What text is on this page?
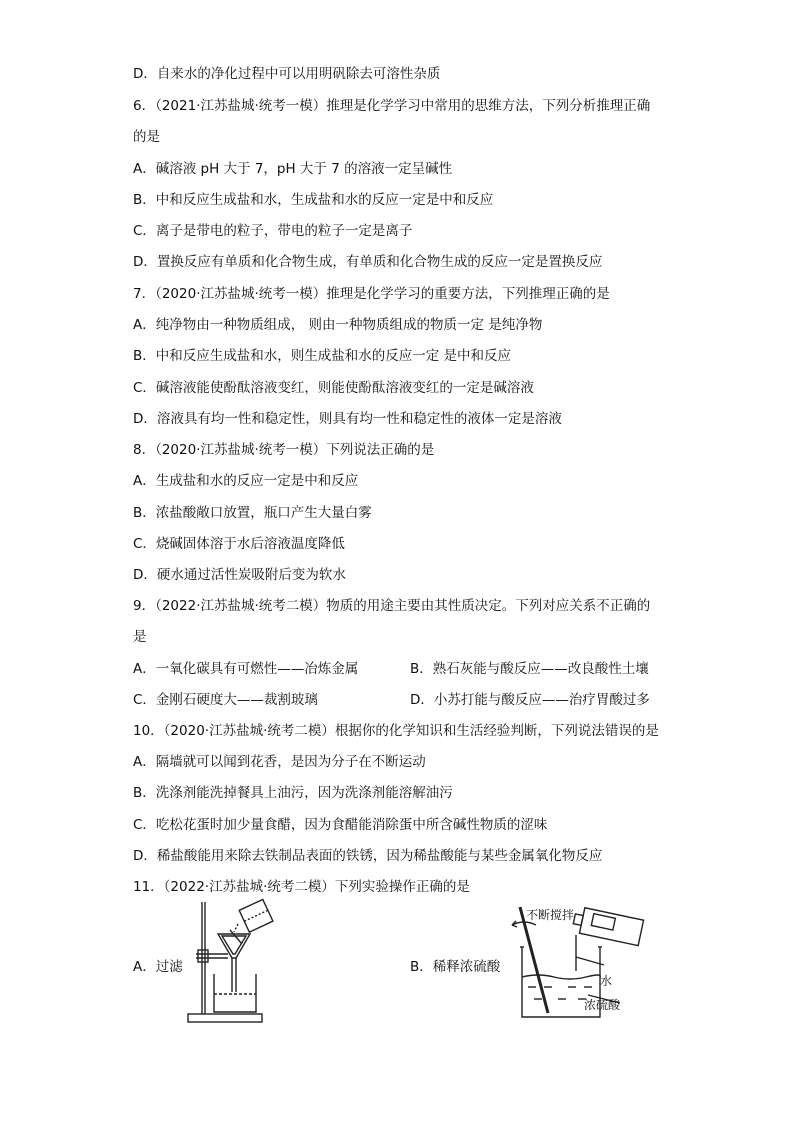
D．自来水的净化过程中可以用明矾除去可溶性杂质
6．（2021·江苏盐城·统考一模）推理是化学学习中常用的思维方法，下列分析推理正确
的是
A．碱溶液 pH 大于 7，pH 大于 7 的溶液一定呈碱性
B．中和反应生成盐和水，生成盐和水的反应一定是中和反应
C．离子是带电的粒子，带电的粒子一定是离子
D．置换反应有单质和化合物生成，有单质和化合物生成的反应一定是置换反应
7．（2020·江苏盐城·统考一模）推理是化学学习的重要方法，下列推理正确的是
A．纯净物由一种物质组成， 则由一种物质组成的物质一定 是纯净物
B．中和反应生成盐和水，则生成盐和水的反应一定 是中和反应
C．碱溶液能使酚酞溶液变红，则能使酚酞溶液变红的一定是碱溶液
D．溶液具有均一性和稳定性，则具有均一性和稳定性的液体一定是溶液
8．（2020·江苏盐城·统考一模）下列说法正确的是
A．生成盐和水的反应一定是中和反应
B．浓盐酸敞口放置，瓶口产生大量白雾
C．烧碱固体溶于水后溶液温度降低
D．硬水通过活性炭吸附后变为软水
9．（2022·江苏盐城·统考二模）物质的用途主要由其性质决定。下列对应关系不正确的
是
A．一氧化碳具有可燃性——冶炼金属	B．熟石灰能与酸反应——改良酸性土壤
C．金刚石硬度大——裁割玻璃	D．小苏打能与酸反应——治疗胃酸过多
10．（2020·江苏盐城·统考二模）根据你的化学知识和生活经验判断，下列说法错误的是
A．隔墙就可以闻到花香，是因为分子在不断运动
B．洗涤剂能洗掉餐具上油污，因为洗涤剂能溶解油污
C．吃松花蛋时加少量食醋，因为食醋能消除蛋中所含碱性物质的涩味
D．稀盐酸能用来除去铁制品表面的铁锈，因为稀盐酸能与某些金属氧化物反应
11．（2022·江苏盐城·统考二模）下列实验操作正确的是
A．过滤	B．稀释浓硫酸
不断搅拌
水
浓硫酸
